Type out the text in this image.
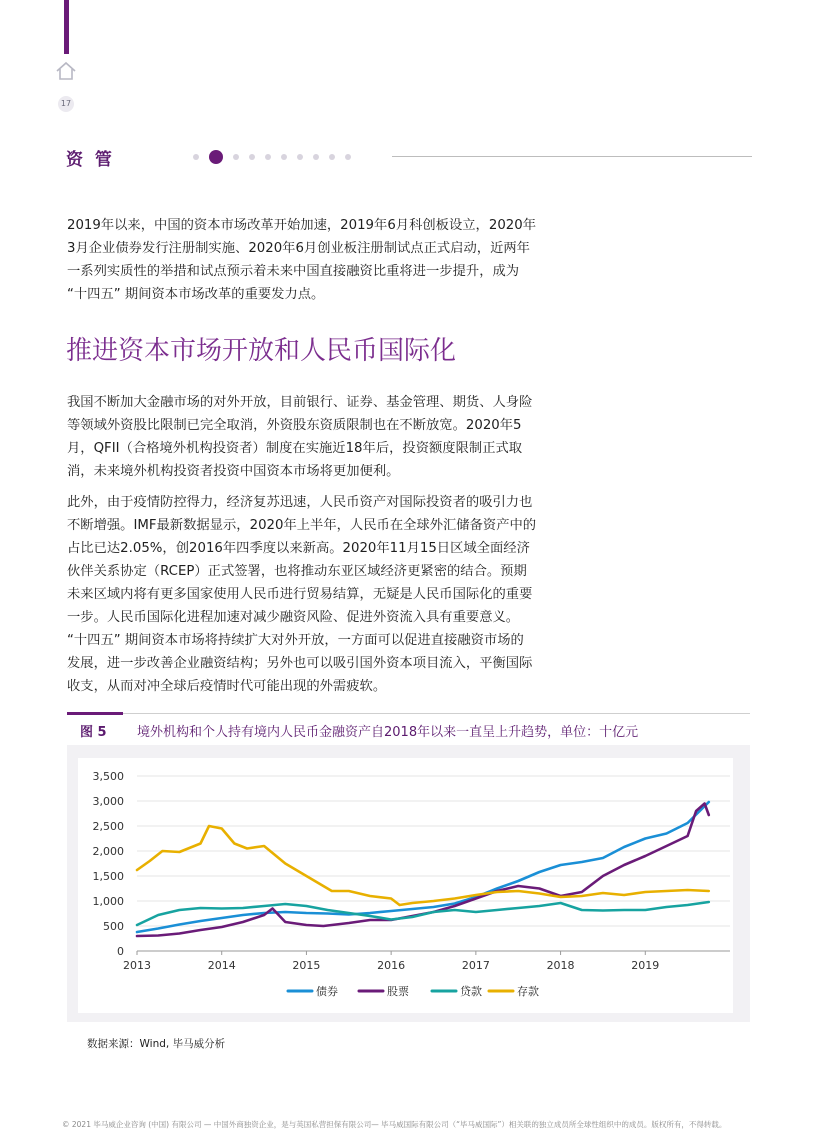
17
资 管

2019年以来，中国的资本市场改革开始加速，2019年6月科创板设立，2020年3月企业债券发行注册制实施、2020年6月创业板注册制试点正式启动，近两年一系列实质性的举措和试点预示着未来中国直接融资比重将进一步提升，成为 “十四五” 期间资本市场改革的重要发力点。

推进资本市场开放和人民币国际化

我国不断加大金融市场的对外开放，目前银行、证券、基金管理、期货、人身险等领域外资股比限制已完全取消，外资股东资质限制也在不断放宽。2020年5月，QFII（合格境外机构投资者）制度在实施近18年后，投资额度限制正式取消，未来境外机构投资者投资中国资本市场将更加便利。

此外，由于疫情防控得力，经济复苏迅速，人民币资产对国际投资者的吸引力也不断增强。IMF最新数据显示，2020年上半年，人民币在全球外汇储备资产中的占比已达2.05%，创2016年四季度以来新高。2020年11月15日区域全面经济伙伴关系协定（RCEP）正式签署，也将推动东亚区域经济更紧密的结合。预期未来区域内将有更多国家使用人民币进行贸易结算，无疑是人民币国际化的重要一步。人民币国际化进程加速对减少融资风险、促进外资流入具有重要意义。 “十四五” 期间资本市场将持续扩大对外开放，一方面可以促进直接融资市场的发展，进一步改善企业融资结构；另外也可以吸引国外资本项目流入，平衡国际收支，从而对冲全球后疫情时代可能出现的外需疲软。

图 5 境外机构和个人持有境内人民币金融资产自2018年以来一直呈上升趋势，单位：十亿元
0
500
1,000
1,500
2,000
2,500
3,000
3,500
2013	2014	2015	2016	2017	2018	2019
债券	股票	贷款	存款
数据来源：Wind, 毕马威分析
© 2021 毕马威企业咨询 (中国) 有限公司 — 中国外商独资企业，是与英国私营担保有限公司— 毕马威国际有限公司（“毕马威国际”）相关联的独立成员所全球性组织中的成员。版权所有，不得转载。
